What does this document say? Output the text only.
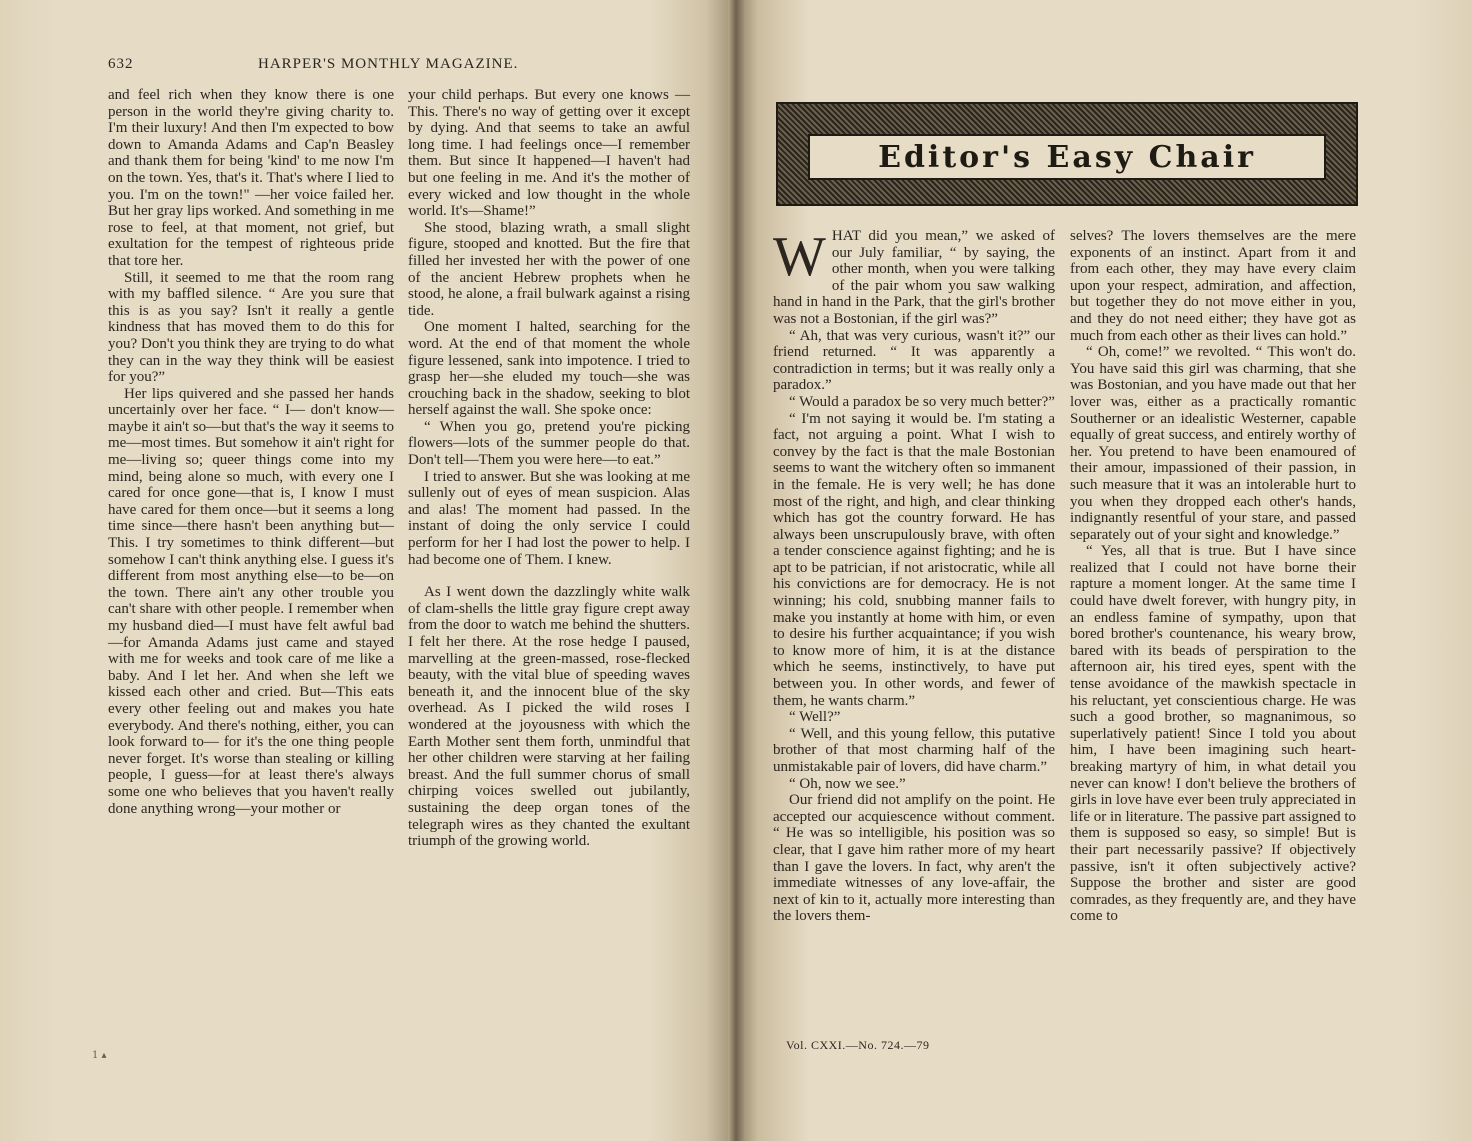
632	HARPER'S MONTHLY MAGAZINE.

and feel rich when they know there is one person in the world they're giving charity to. I'm their luxury! And then I'm expected to bow down to Amanda Adams and Cap'n Beasley and thank them for being 'kind' to me now I'm on the town. Yes, that's it. That's where I lied to you. I'm on the town!" —her voice failed her. But her gray lips worked. And something in me rose to feel, at that moment, not grief, but exultation for the tempest of righteous pride that tore her.

Still, it seemed to me that the room rang with my baffled silence. “ Are you sure that this is as you say? Isn't it really a gentle kindness that has moved them to do this for you? Don't you think they are trying to do what they can in the way they think will be easiest for you?”

Her lips quivered and she passed her hands uncertainly over her face. “ I— don't know—maybe it ain't so—but that's the way it seems to me—most times. But somehow it ain't right for me—living so; queer things come into my mind, being alone so much, with every one I cared for once gone—that is, I know I must have cared for them once—but it seems a long time since—there hasn't been anything but—This. I try sometimes to think different—but somehow I can't think anything else. I guess it's different from most anything else—to be—on the town. There ain't any other trouble you can't share with other people. I remember when my husband died—I must have felt awful bad—for Amanda Adams just came and stayed with me for weeks and took care of me like a baby. And I let her. And when she left we kissed each other and cried. But—This eats every other feeling out and makes you hate everybody. And there's nothing, either, you can look forward to— for it's the one thing people never forget. It's worse than stealing or killing people, I guess—for at least there's always some one who believes that you haven't really done anything wrong—your mother or

your child perhaps. But every one knows —This. There's no way of getting over it except by dying. And that seems to take an awful long time. I had feelings once—I remember them. But since It happened—I haven't had but one feeling in me. And it's the mother of every wicked and low thought in the whole world. It's—Shame!”

She stood, blazing wrath, a small slight figure, stooped and knotted. But the fire that filled her invested her with the power of one of the ancient Hebrew prophets when he stood, he alone, a frail bulwark against a rising tide.

One moment I halted, searching for the word. At the end of that moment the whole figure lessened, sank into impotence. I tried to grasp her—she eluded my touch—she was crouching back in the shadow, seeking to blot herself against the wall. She spoke once:

“ When you go, pretend you're picking flowers—lots of the summer people do that. Don't tell—Them you were here—to eat.”

I tried to answer. But she was looking at me sullenly out of eyes of mean suspicion. Alas and alas! The moment had passed. In the instant of doing the only service I could perform for her I had lost the power to help. I had become one of Them. I knew.

As I went down the dazzlingly white walk of clam-shells the little gray figure crept away from the door to watch me behind the shutters. I felt her there. At the rose hedge I paused, marvelling at the green-massed, rose-flecked beauty, with the vital blue of speeding waves beneath it, and the innocent blue of the sky overhead. As I picked the wild roses I wondered at the joyousness with which the Earth Mother sent them forth, unmindful that her other children were starving at her failing breast. And the full summer chorus of small chirping voices swelled out jubilantly, sustaining the deep organ tones of the telegraph wires as they chanted the exultant triumph of the growing world.

1 ▴
Editor's Easy Chair

WHAT did you mean,” we asked of our July familiar, “ by saying, the other month, when you were talking of the pair whom you saw walking hand in hand in the Park, that the girl's brother was not a Bostonian, if the girl was?”

“ Ah, that was very curious, wasn't it?” our friend returned. “ It was apparently a contradiction in terms; but it was really only a paradox.”

“ Would a paradox be so very much better?”

“ I'm not saying it would be. I'm stating a fact, not arguing a point. What I wish to convey by the fact is that the male Bostonian seems to want the witchery often so immanent in the female. He is very well; he has done most of the right, and high, and clear thinking which has got the country forward. He has always been unscrupulously brave, with often a tender conscience against fighting; and he is apt to be patrician, if not aristocratic, while all his convictions are for democracy. He is not winning; his cold, snubbing manner fails to make you instantly at home with him, or even to desire his further acquaintance; if you wish to know more of him, it is at the distance which he seems, instinctively, to have put between you. In other words, and fewer of them, he wants charm.”

“ Well?”

“ Well, and this young fellow, this putative brother of that most charming half of the unmistakable pair of lovers, did have charm.”

“ Oh, now we see.”

Our friend did not amplify on the point. He accepted our acquiescence without comment. “ He was so intelligible, his position was so clear, that I gave him rather more of my heart than I gave the lovers. In fact, why aren't the immediate witnesses of any love-affair, the next of kin to it, actually more interesting than the lovers them-

selves? The lovers themselves are the mere exponents of an instinct. Apart from it and from each other, they may have every claim upon your respect, admiration, and affection, but together they do not move either in you, and they do not need either; they have got as much from each other as their lives can hold.”

“ Oh, come!” we revolted. “ This won't do. You have said this girl was charming, that she was Bostonian, and you have made out that her lover was, either as a practically romantic Southerner or an idealistic Westerner, capable equally of great success, and entirely worthy of her. You pretend to have been enamoured of their amour, impassioned of their passion, in such measure that it was an intolerable hurt to you when they dropped each other's hands, indignantly resentful of your stare, and passed separately out of your sight and knowledge.”

“ Yes, all that is true. But I have since realized that I could not have borne their rapture a moment longer. At the same time I could have dwelt forever, with hungry pity, in an endless famine of sympathy, upon that bored brother's countenance, his weary brow, bared with its beads of perspiration to the afternoon air, his tired eyes, spent with the tense avoidance of the mawkish spectacle in his reluctant, yet conscientious charge. He was such a good brother, so magnanimous, so superlatively patient! Since I told you about him, I have been imagining such heart-breaking martyry of him, in what detail you never can know! I don't believe the brothers of girls in love have ever been truly appreciated in life or in literature. The passive part assigned to them is supposed so easy, so simple! But is their part necessarily passive? If objectively passive, isn't it often subjectively active? Suppose the brother and sister are good comrades, as they frequently are, and they have come to

Vol. CXXI.—No. 724.—79
